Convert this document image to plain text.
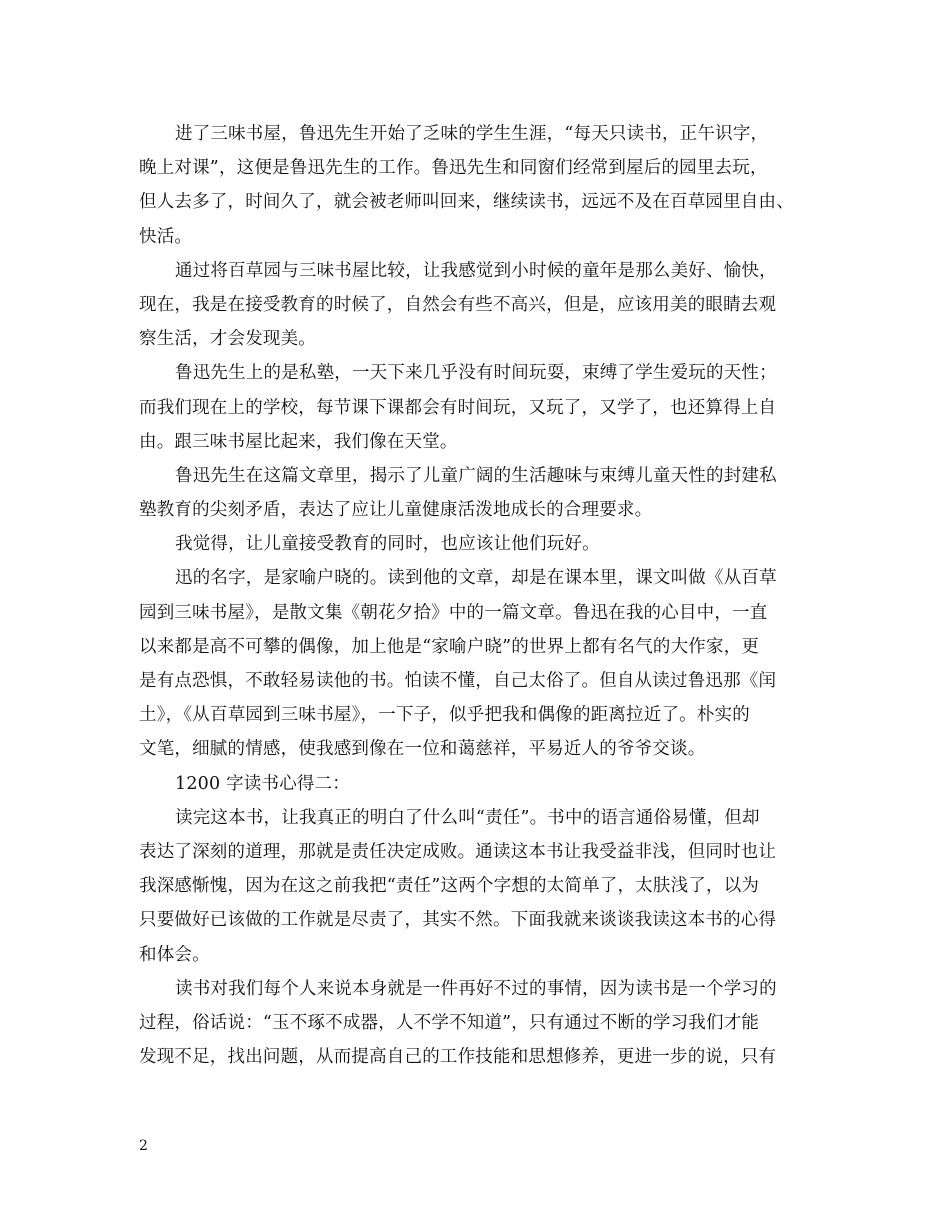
进了三味书屋，鲁迅先生开始了乏味的学生生涯，“每天只读书，正午识字，
晚上对课”，这便是鲁迅先生的工作。鲁迅先生和同窗们经常到屋后的园里去玩，
但人去多了，时间久了，就会被老师叫回来，继续读书，远远不及在百草园里自由、
快活。
通过将百草园与三味书屋比较，让我感觉到小时候的童年是那么美好、愉快，
现在，我是在接受教育的时候了，自然会有些不高兴，但是，应该用美的眼睛去观
察生活，才会发现美。
鲁迅先生上的是私塾，一天下来几乎没有时间玩耍，束缚了学生爱玩的天性；
而我们现在上的学校，每节课下课都会有时间玩，又玩了，又学了，也还算得上自
由。跟三味书屋比起来，我们像在天堂。
鲁迅先生在这篇文章里，揭示了儿童广阔的生活趣味与束缚儿童天性的封建私
塾教育的尖刻矛盾，表达了应让儿童健康活泼地成长的合理要求。
我觉得，让儿童接受教育的同时，也应该让他们玩好。
迅的名字，是家喻户晓的。读到他的文章，却是在课本里，课文叫做《从百草
园到三味书屋》，是散文集《朝花夕拾》中的一篇文章。鲁迅在我的心目中，一直
以来都是高不可攀的偶像，加上他是“家喻户晓”的世界上都有名气的大作家，更
是有点恐惧，不敢轻易读他的书。怕读不懂，自己太俗了。但自从读过鲁迅那《闰
土》，《从百草园到三味书屋》，一下子，似乎把我和偶像的距离拉近了。朴实的
文笔，细腻的情感，使我感到像在一位和蔼慈祥，平易近人的爷爷交谈。
1200 字读书心得二：
读完这本书，让我真正的明白了什么叫“责任”。书中的语言通俗易懂，但却
表达了深刻的道理，那就是责任决定成败。通读这本书让我受益非浅，但同时也让
我深感惭愧，因为在这之前我把“责任”这两个字想的太简单了，太肤浅了，以为
只要做好已该做的工作就是尽责了，其实不然。下面我就来谈谈我读这本书的心得
和体会。
读书对我们每个人来说本身就是一件再好不过的事情，因为读书是一个学习的
过程，俗话说：“玉不琢不成器，人不学不知道”，只有通过不断的学习我们才能
发现不足，找出问题，从而提高自己的工作技能和思想修养，更进一步的说，只有
2
